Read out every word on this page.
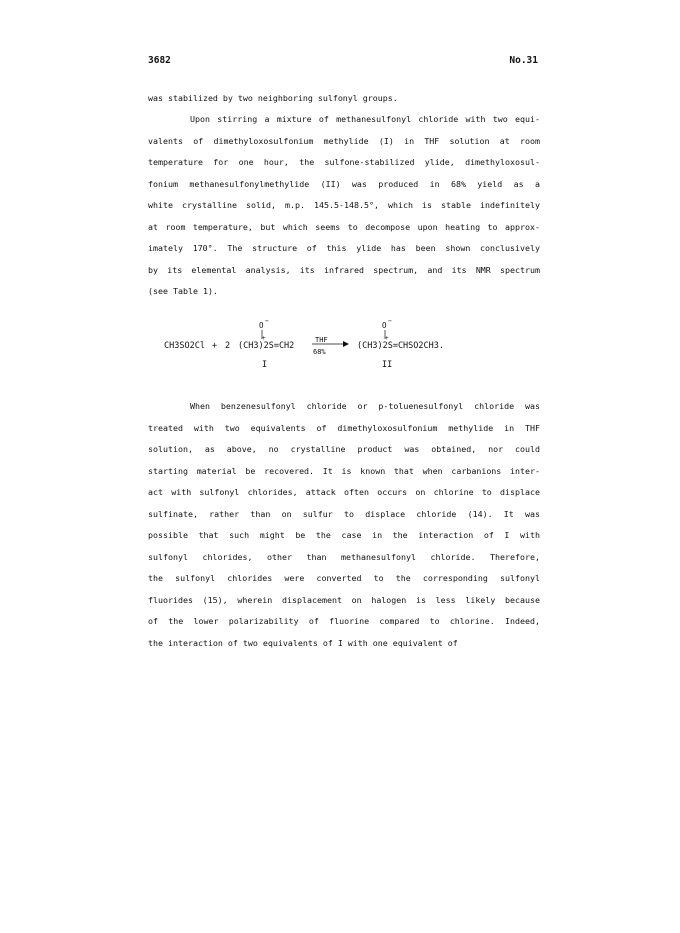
3682	No.31
was stabilized by two neighboring sulfonyl groups.
Upon stirring a mixture of methanesulfonyl chloride with two equi-
valents of dimethyloxosulfonium methylide (I) in THF solution at room
temperature for one hour, the sulfone-stabilized ylide, dimethyloxosul-
fonium methanesulfonylmethylide (II) was produced in 68% yield as a
white crystalline solid, m.p. 145.5-148.5°, which is stable indefinitely
at room temperature, but which seems to decompose upon heating to approx-
imately 170°. The structure of this ylide has been shown conclusively
by its elemental analysis, its infrared spectrum, and its NMR spectrum
(see Table 1).
CH3SO2Cl + 2 (CH3)2S=CH2
O −
+
I
THF
68%
(CH3)2S=CHSO2CH3.
O −
+
II
When benzenesulfonyl chloride or p-toluenesulfonyl chloride was
treated with two equivalents of dimethyloxosulfonium methylide in THF
solution, as above, no crystalline product was obtained, nor could
starting material be recovered. It is known that when carbanions inter-
act with sulfonyl chlorides, attack often occurs on chlorine to displace
sulfinate, rather than on sulfur to displace chloride (14). It was
possible that such might be the case in the interaction of I with
sulfonyl chlorides, other than methanesulfonyl chloride. Therefore,
the sulfonyl chlorides were converted to the corresponding sulfonyl
fluorides (15), wherein displacement on halogen is less likely because
of the lower polarizability of fluorine compared to chlorine. Indeed,
the interaction of two equivalents of I with one equivalent of
